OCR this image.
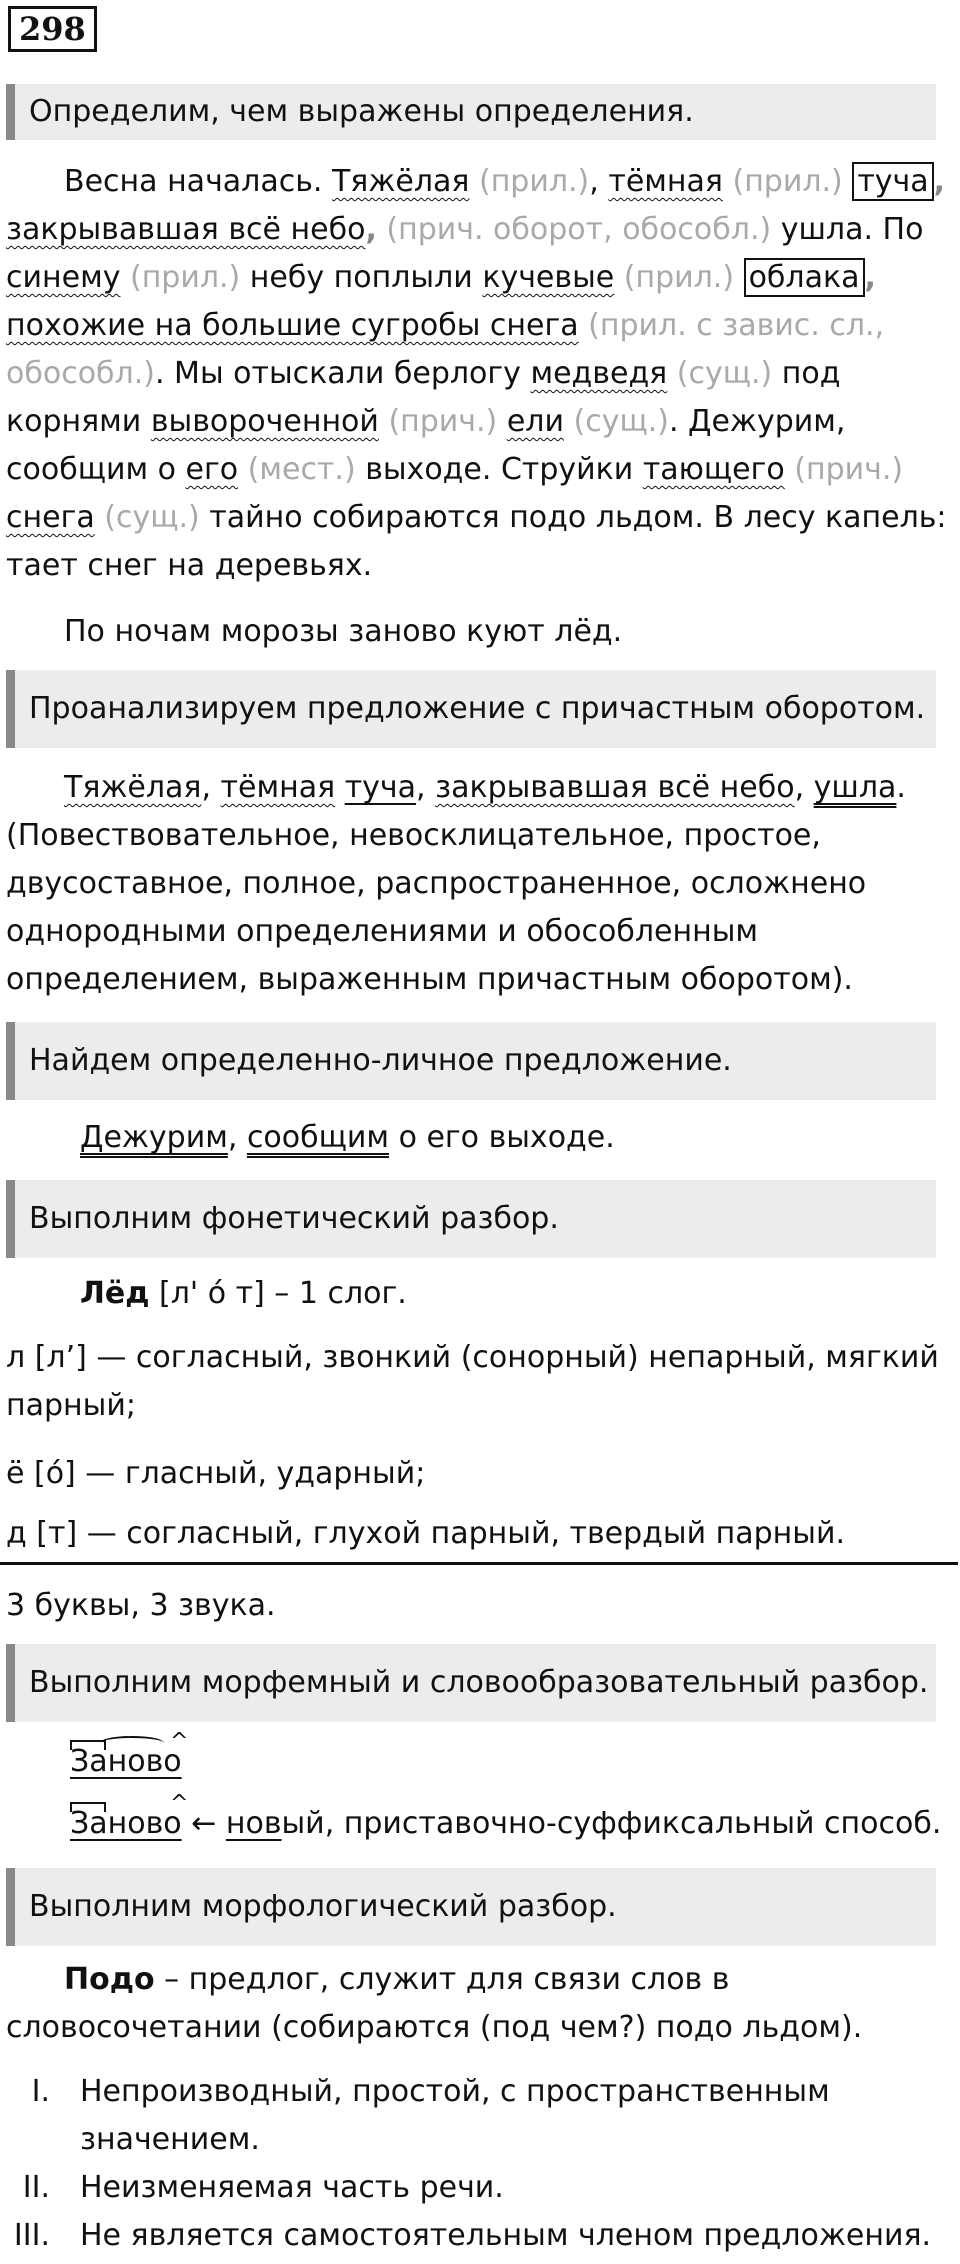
298
Определим, чем выражены определения.

Весна началась. Тяжёлая (прил.), тёмная (прил.) туча , закрывавшая всё небо, (прич. оборот, обособл.) ушла. По синему (прил.) небу поплыли кучевые (прил.) облака , похожие на большие сугробы снега (прил. с завис. сл., обособл.). Мы отыскали берлогу медведя (сущ.) под корнями вывороченной (прич.) ели (сущ.). Дежурим, сообщим о его (мест.) выходе. Струйки тающего (прич.) снега (сущ.) тайно собираются подо льдом. В лесу капель: тает снег на деревьях.

По ночам морозы заново куют лёд.

Проанализируем предложение с причастным оборотом.

Тяжёлая, тёмная туча, закрывавшая всё небо, ушла. (Повествовательное, невосклицательное, простое, двусоставное, полное, распространенное, осложнено однородными определениями и обособленным определением, выраженным причастным оборотом).

Найдем определенно-личное предложение.

Дежурим, сообщим о его выходе.

Выполним фонетический разбор.

Лёд [л' о́ т] – 1 слог.

л [л’] — согласный, звонкий (сонорный) непарный, мягкий парный;

ё [о́] — гласный, ударный;

д [т] — согласный, глухой парный, твердый парный.

3 буквы, 3 звука.

Выполним морфемный и словообразовательный разбор.
^
Заново
^
Заново ← новый, приставочно-суффиксальный способ.
Выполним морфологический разбор.

Подо – предлог, служит для связи слов в словосочетании (собираются (под чем?) подо льдом).

I. Непроизводный, простой, с пространственным значением.
II. Неизменяемая часть речи.
III. Не является самостоятельным членом предложения.
